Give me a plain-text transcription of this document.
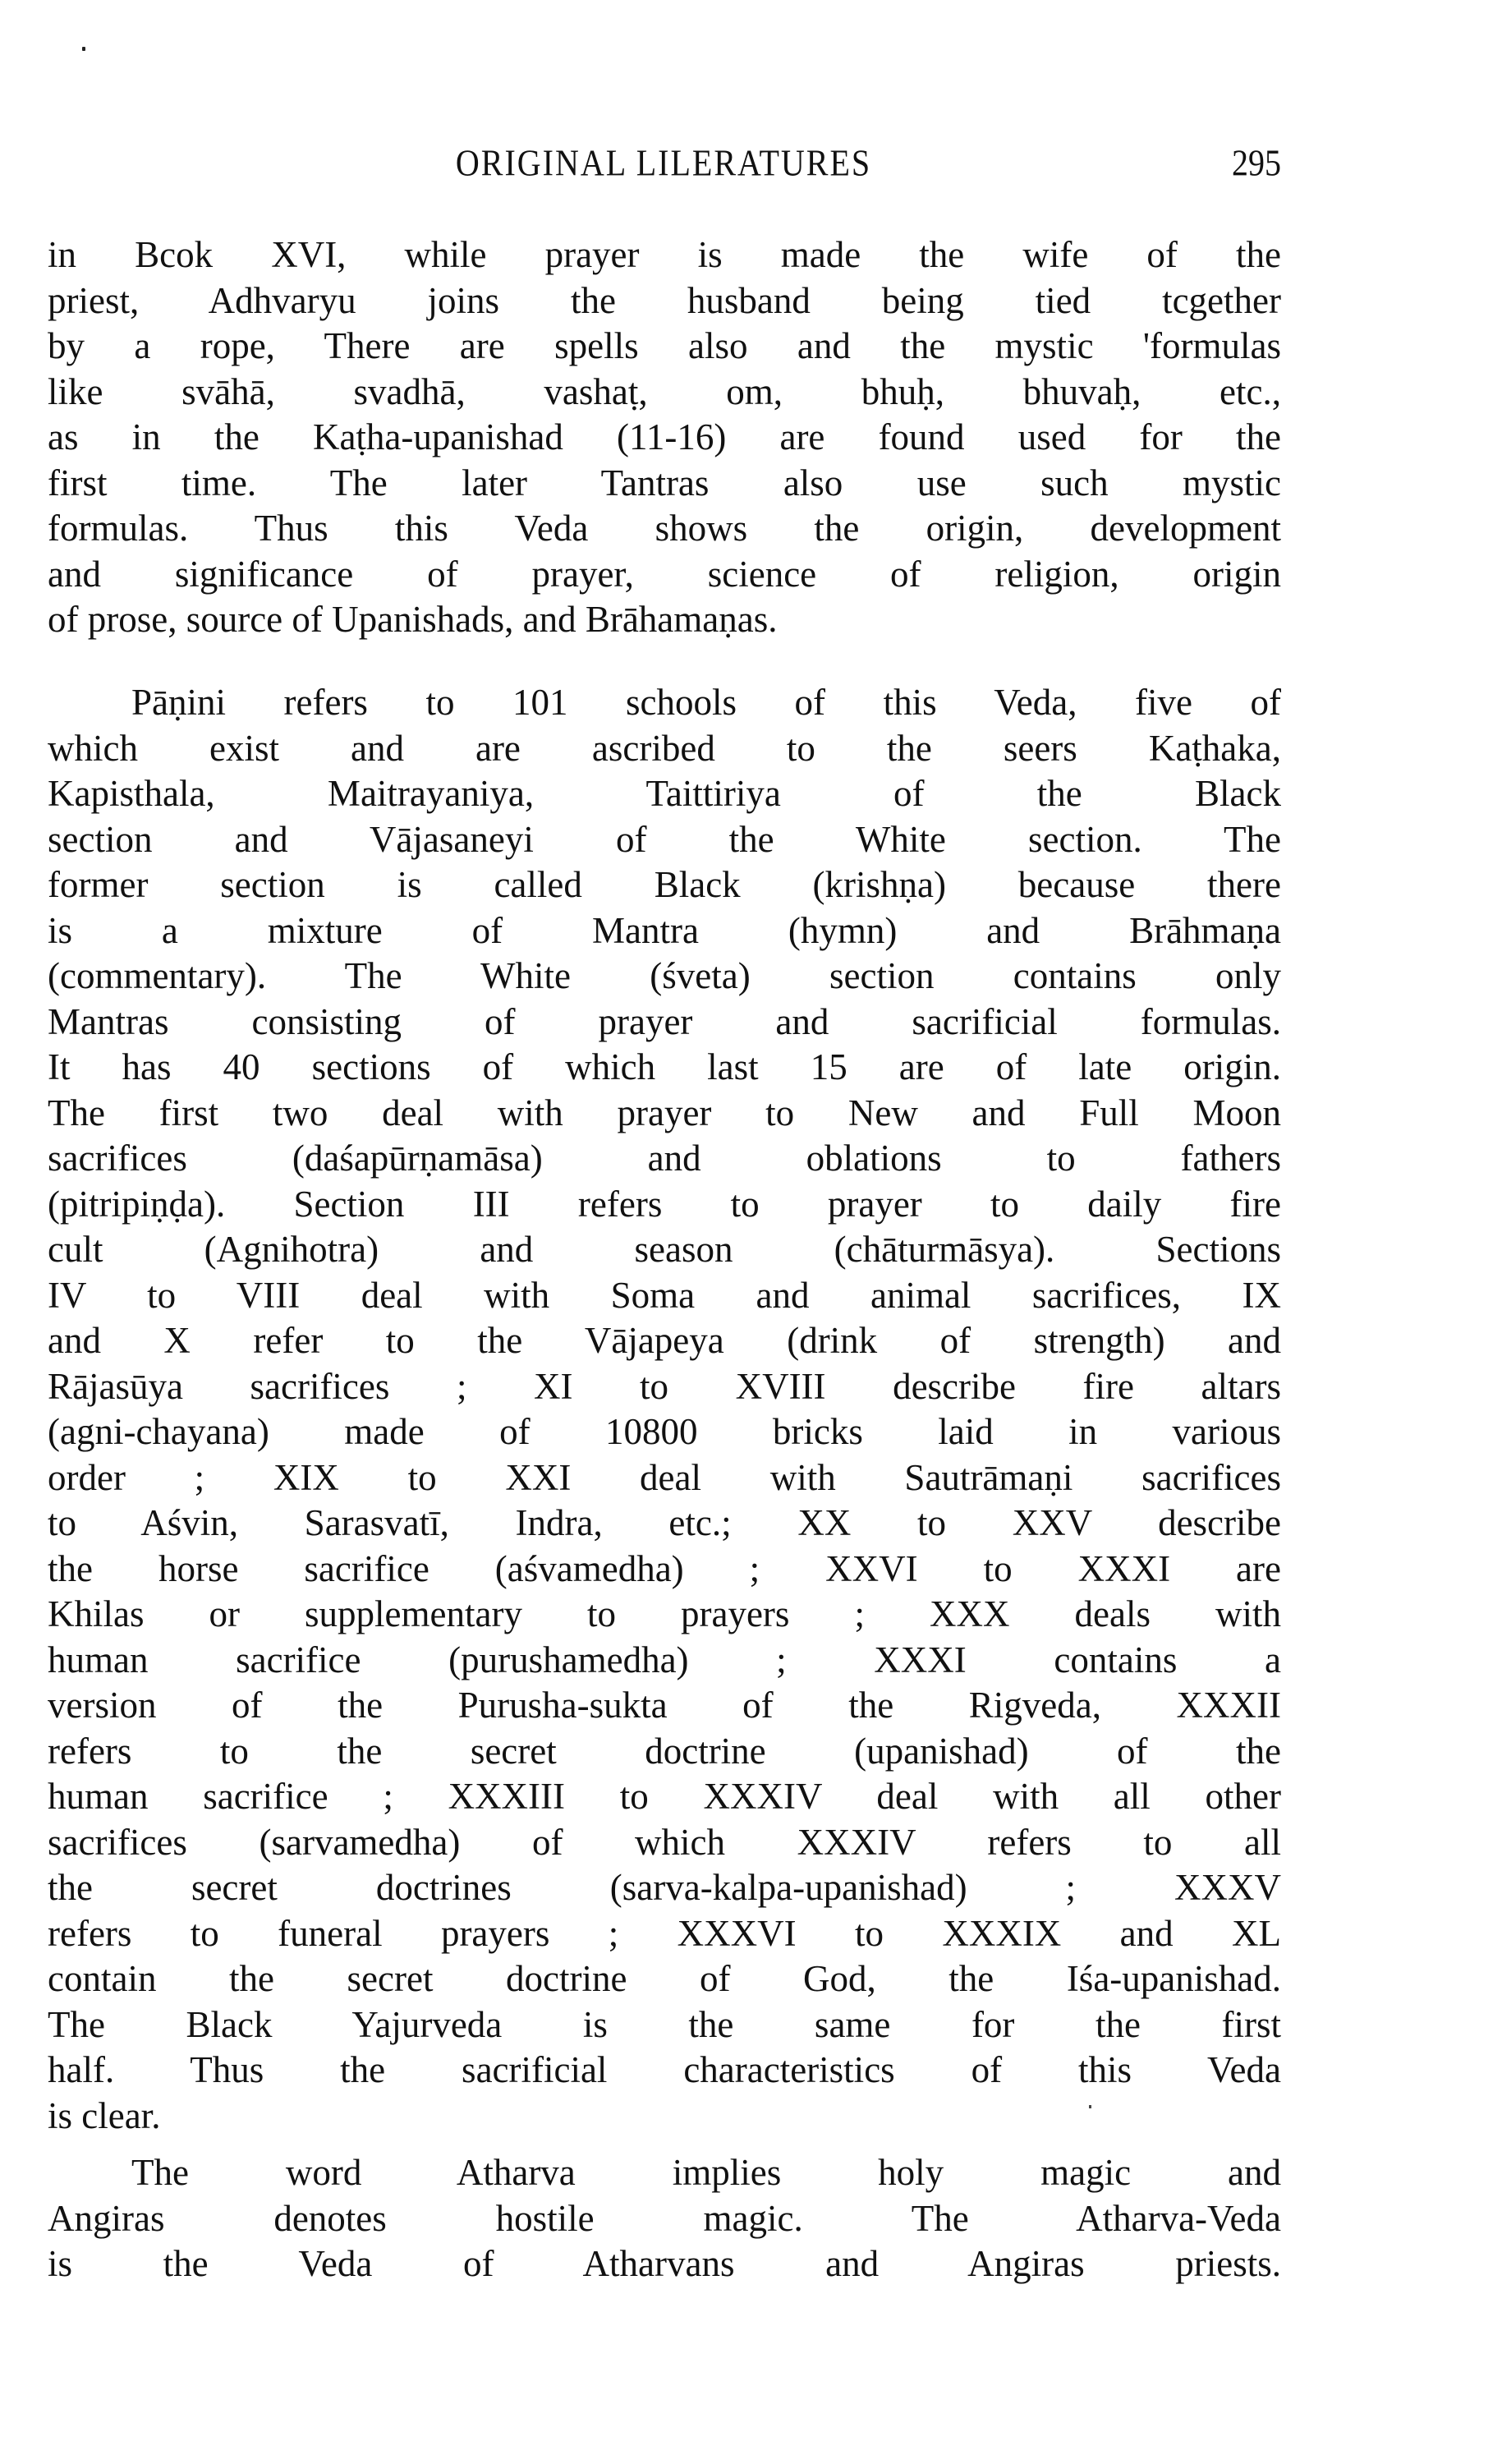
ORIGINAL LILERATURES	295

in Bcok XVI, while prayer is made the wife of the
priest, Adhvaryu joins the husband being tied tcgether
by a rope, There are spells also and the mystic 'formulas
like svāhā, svadhā, vashaṭ, om, bhuḥ, bhuvaḥ, etc.,
as in the Kaṭha-upanishad (11-16) are found used for the
first time. The later Tantras also use such mystic
formulas. Thus this Veda shows the origin, development
and significance of prayer, science of religion, origin
of prose, source of Upanishads, and Brāhamaṇas.

Pāṇini refers to 101 schools of this Veda, five of
which exist and are ascribed to the seers Kaṭhaka,
Kapisthala, Maitrayaniya, Taittiriya of the Black
section and Vājasaneyi of the White section. The
former section is called Black (krishṇa) because there
is a mixture of Mantra (hymn) and Brāhmaṇa
(commentary). The White (śveta) section contains only
Mantras consisting of prayer and sacrificial formulas.
It has 40 sections of which last 15 are of late origin.
The first two deal with prayer to New and Full Moon
sacrifices (daśapūrṇamāsa) and oblations to fathers
(pitripiṇḍa). Section III refers to prayer to daily fire
cult (Agnihotra) and season (chāturmāsya). Sections
IV to VIII deal with Soma and animal sacrifices, IX
and X refer to the Vājapeya (drink of strength) and
Rājasūya sacrifices ; XI to XVIII describe fire altars
(agni-chayana) made of 10800 bricks laid in various
order ; XIX to XXI deal with Sautrāmaṇi sacrifices
to Aśvin, Sarasvatī, Indra, etc.; XX to XXV describe
the horse sacrifice (aśvamedha) ; XXVI to XXXI are
Khilas or supplementary to prayers ; XXX deals with
human sacrifice (purushamedha) ; XXXI contains a
version of the Purusha-sukta of the Rigveda, XXXII
refers to the secret doctrine (upanishad) of the
human sacrifice ; XXXIII to XXXIV deal with all other
sacrifices (sarvamedha) of which XXXIV refers to all
the secret doctrines (sarva-kalpa-upanishad) ; XXXV
refers to funeral prayers ; XXXVI to XXXIX and XL
contain the secret doctrine of God, the Iśa-upanishad.
The Black Yajurveda is the same for the first
half. Thus the sacrificial characteristics of this Veda
is clear.

The word Atharva implies holy magic and
Angiras denotes hostile magic. The Atharva-Veda
is the Veda of Atharvans and Angiras priests.
